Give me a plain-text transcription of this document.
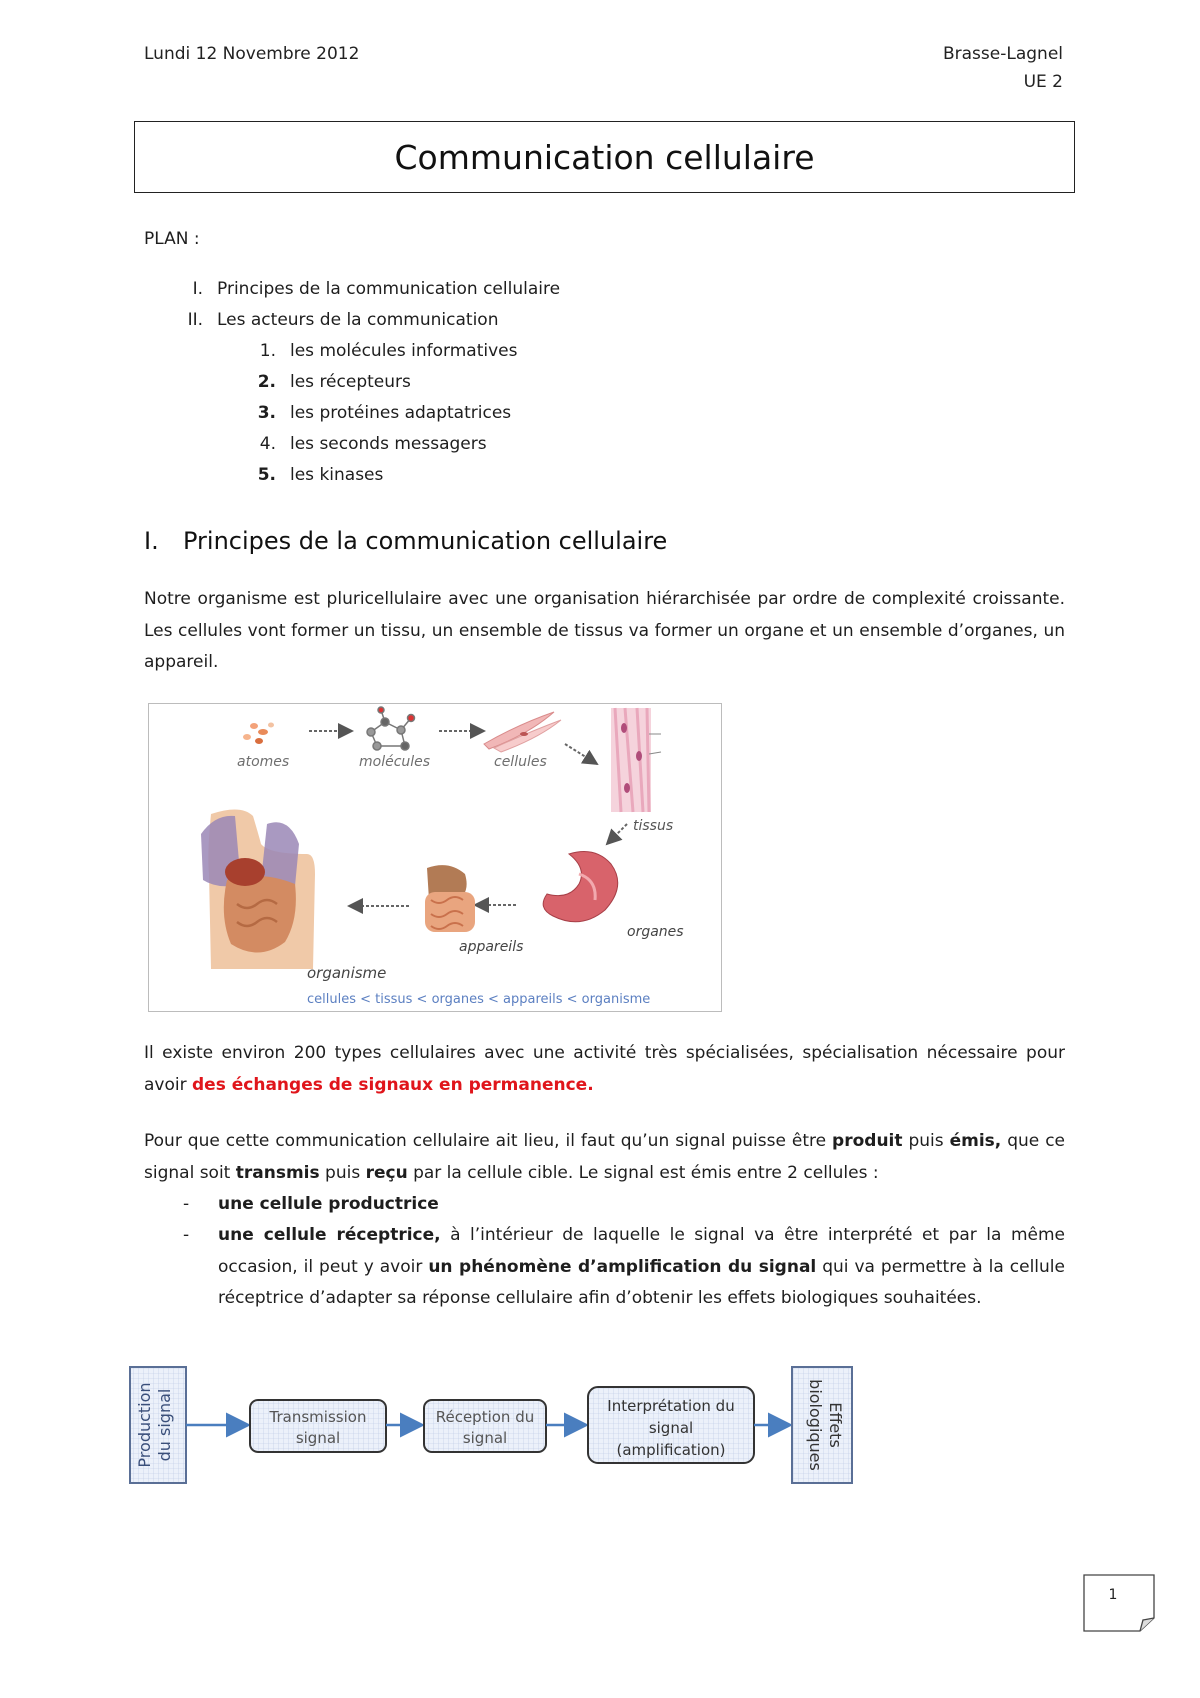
Lundi 12 Novembre 2012	Brasse-Lagnel
UE 2
Communication cellulaire
PLAN :
I. Principes de la communication cellulaire
II. Les acteurs de la communication
1. les molécules informatives
2. les récepteurs
3. les protéines adaptatrices
4. les seconds messagers
5. les kinases
I. Principes de la communication cellulaire
Notre organisme est pluricellulaire avec une organisation hiérarchisée par ordre de complexité croissante. Les cellules vont former un tissu, un ensemble de tissus va former un organe et un ensemble d’organes, un appareil.
atomes	molécules	cellules
tissus
organes
appareils
organisme
cellules < tissus < organes < appareils < organisme
Il existe environ 200 types cellulaires avec une activité très spécialisées, spécialisation nécessaire pour avoir des échanges de signaux en permanence.
Pour que cette communication cellulaire ait lieu, il faut qu’un signal puisse être produit puis émis, que ce signal soit transmis puis reçu par la cellule cible. Le signal est émis entre 2 cellules :
- une cellule productrice
- une cellule réceptrice, à l’intérieur de laquelle le signal va être interprété et par la même occasion, il peut y avoir un phénomène d’amplification du signal qui va permettre à la cellule réceptrice d’adapter sa réponse cellulaire afin d’obtenir les effets biologiques souhaitées.
Production du signal	Transmission
signal
Réception du
signal
Interprétation du
signal
(amplification)
Effets
biologiques
1
